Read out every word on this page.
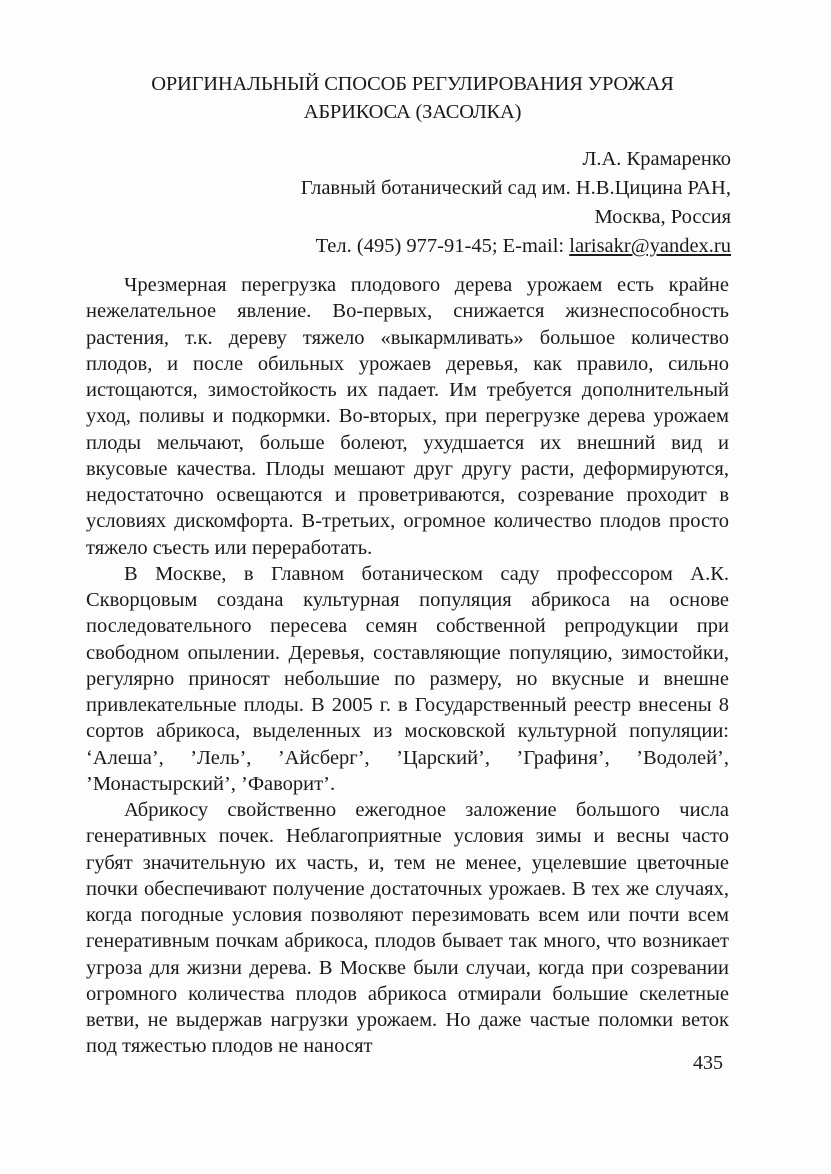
ОРИГИНАЛЬНЫЙ СПОСОБ РЕГУЛИРОВАНИЯ УРОЖАЯ
АБРИКОСА (ЗАСОЛКА)
Л.А. Крамаренко
Главный ботанический сад им. Н.В.Цицина РАН,
Москва, Россия
Тел. (495) 977-91-45; E-mail: larisakr@yandex.ru

Чрезмерная перегрузка плодового дерева урожаем есть крайне нежелательное явление. Во-первых, снижается жизнеспособность растения, т.к. дереву тяжело «выкармливать» большое количество плодов, и после обильных урожаев деревья, как правило, сильно истощаются, зимостойкость их падает. Им требуется дополнительный уход, поливы и подкормки. Во-вторых, при перегрузке дерева урожаем плоды мельчают, больше болеют, ухудшается их внешний вид и вкусовые качества. Плоды мешают друг другу расти, деформируются, недостаточно освещаются и проветриваются, созревание проходит в условиях дискомфорта. В-третьих, огромное количество плодов просто тяжело съесть или переработать.

В Москве, в Главном ботаническом саду профессором А.К. Скворцовым создана культурная популяция абрикоса на основе последовательного пересева семян собственной репродукции при свободном опылении. Деревья, составляющие популяцию, зимостойки, регулярно приносят небольшие по размеру, но вкусные и внешне привлекательные плоды. В 2005 г. в Государственный реестр внесены 8 сортов абрикоса, выделенных из московской культурной популяции: ‘Алеша’, ’Лель’, ’Айсберг’, ’Царский’, ’Графиня’, ’Водолей’, ’Монастырский’, ’Фаворит’.

Абрикосу свойственно ежегодное заложение большого числа генеративных почек. Неблагоприятные условия зимы и весны часто губят значительную их часть, и, тем не менее, уцелевшие цветочные почки обеспечивают получение достаточных урожаев. В тех же случаях, когда погодные условия позволяют перезимовать всем или почти всем генеративным почкам абрикоса, плодов бывает так много, что возникает угроза для жизни дерева. В Москве были случаи, когда при созревании огромного количества плодов абрикоса отмирали большие скелетные ветви, не выдержав нагрузки урожаем. Но даже частые поломки веток под тяжестью плодов не наносят

435
